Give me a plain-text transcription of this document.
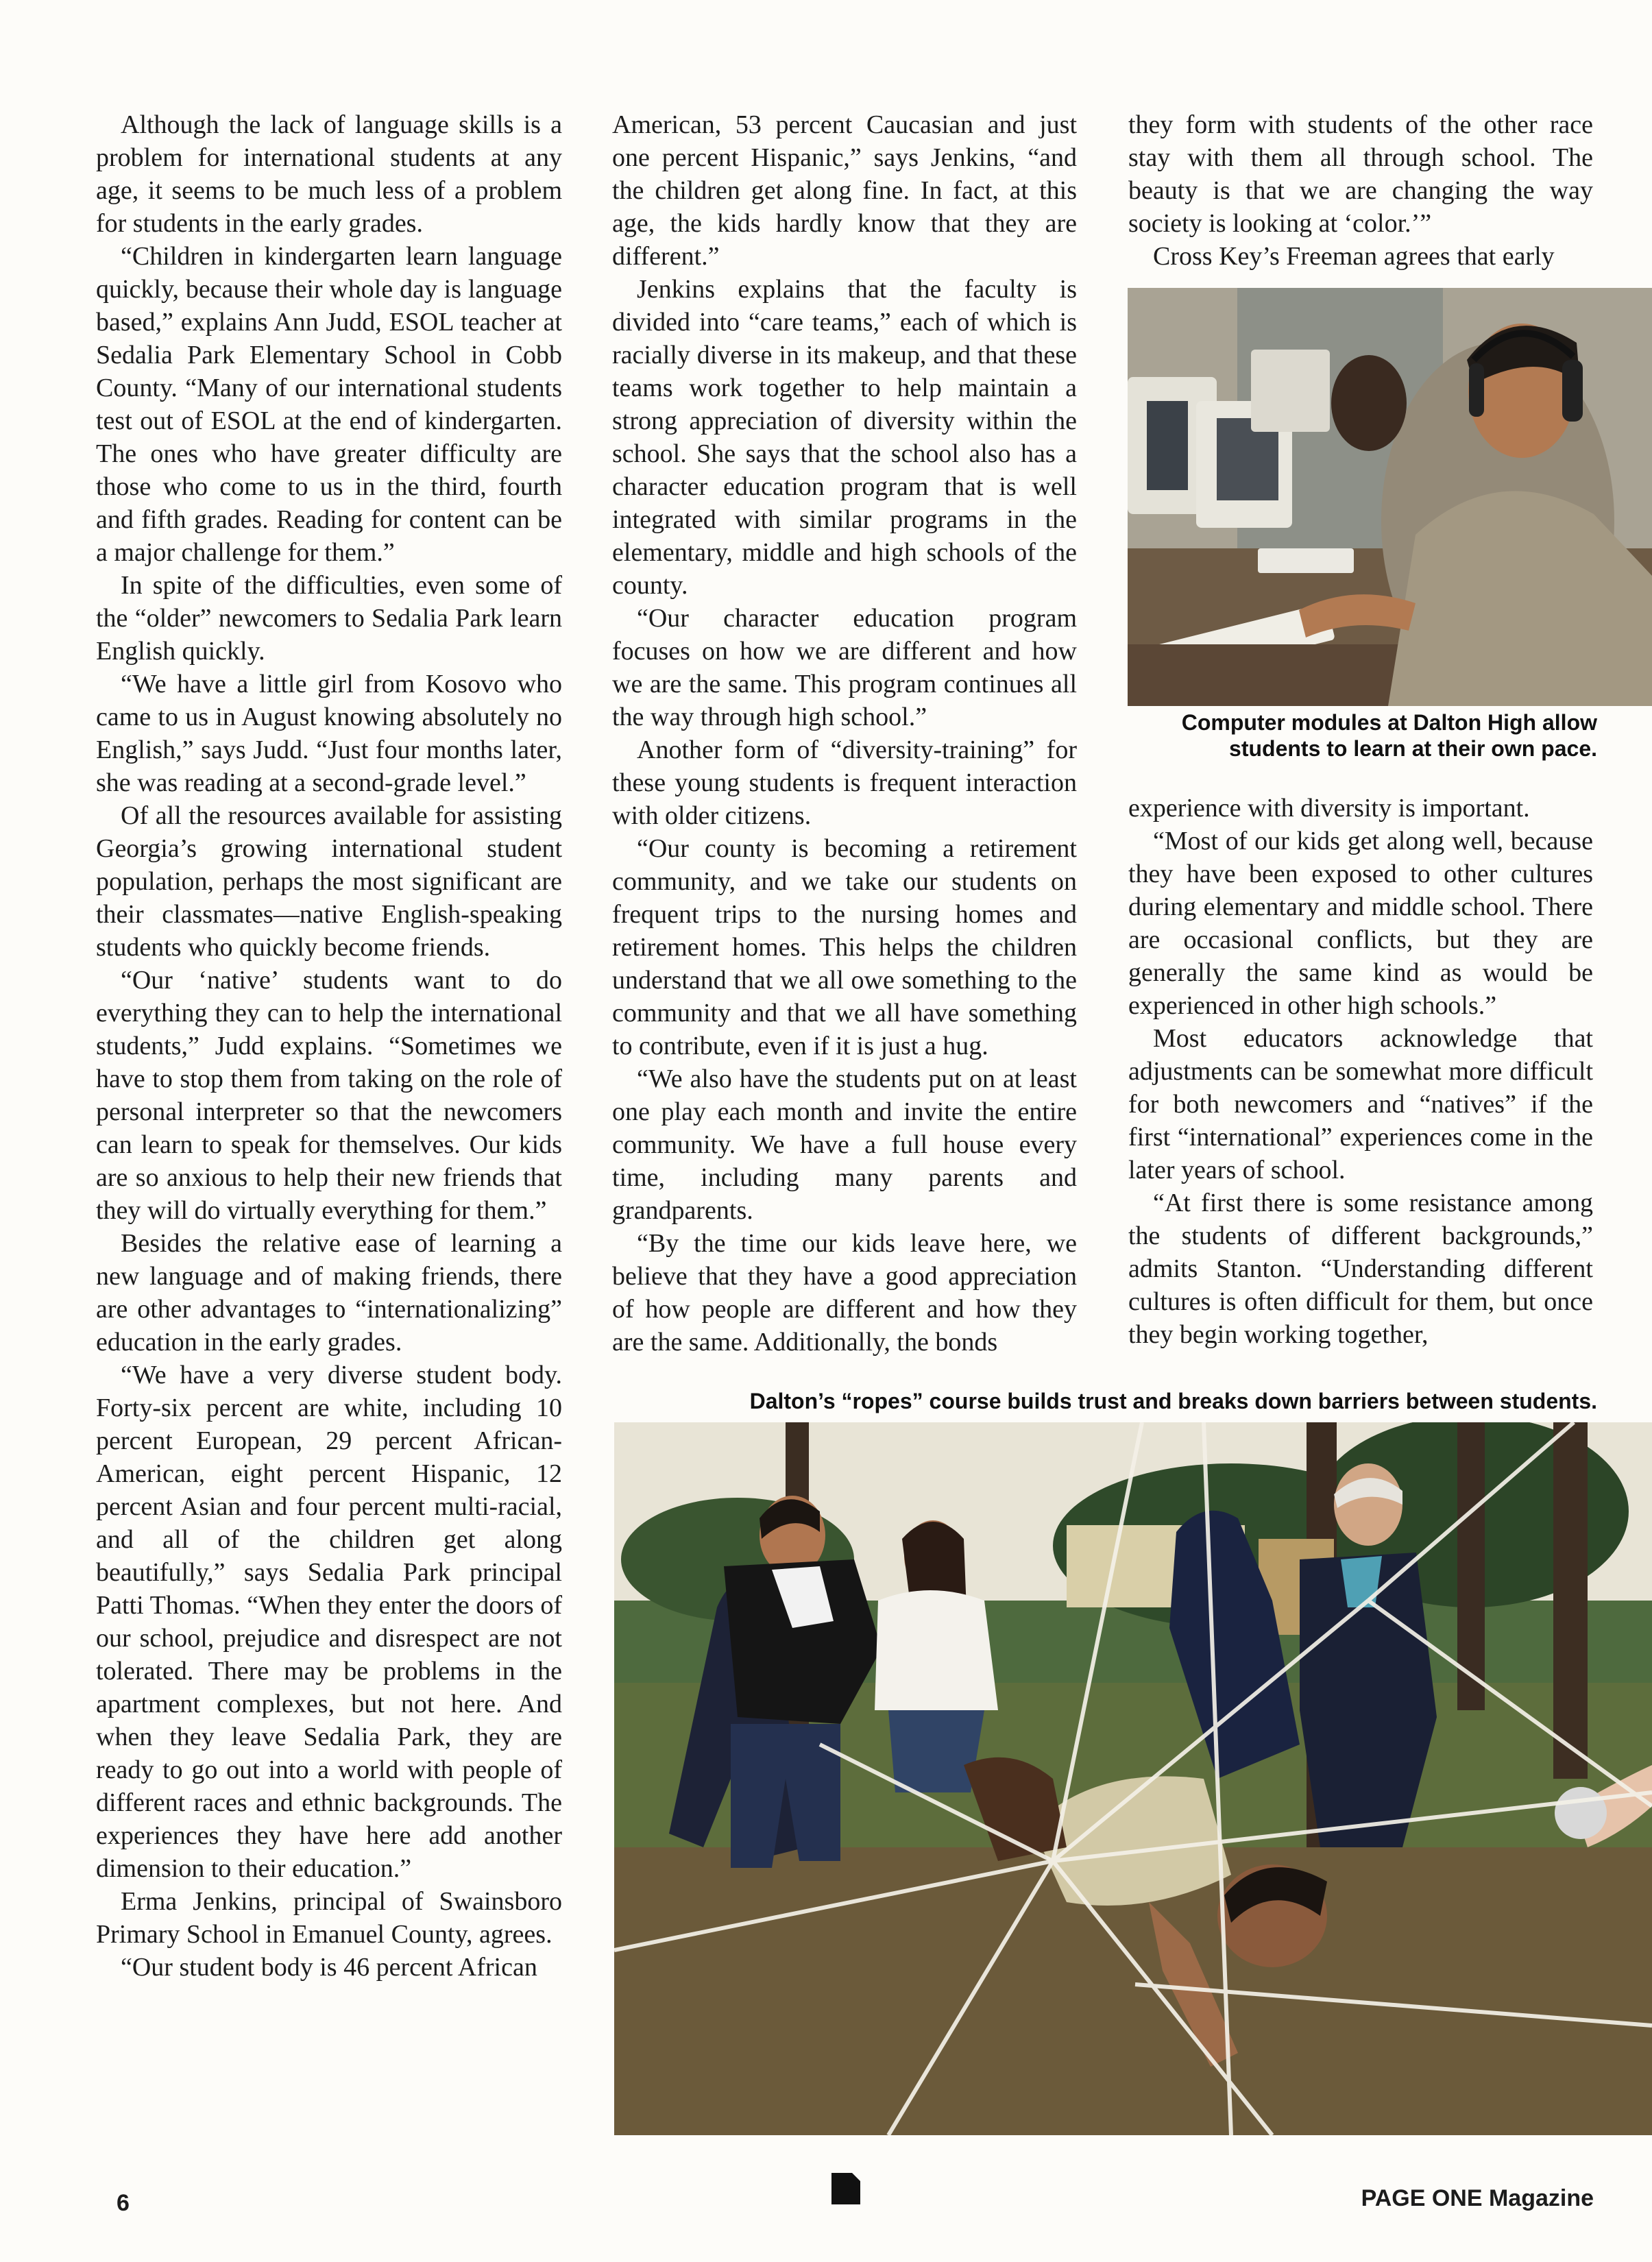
Although the lack of language skills is a problem for international students at any age, it seems to be much less of a problem for students in the early grades.

“Children in kindergarten learn language quickly, because their whole day is language based,” explains Ann Judd, ESOL teacher at Sedalia Park Elementary School in Cobb County. “Many of our international students test out of ESOL at the end of kindergarten. The ones who have greater difficulty are those who come to us in the third, fourth and fifth grades. Reading for content can be a major challenge for them.”

In spite of the difficulties, even some of the “older” newcomers to Sedalia Park learn English quickly.

“We have a little girl from Kosovo who came to us in August knowing absolutely no English,” says Judd. “Just four months later, she was reading at a second-grade level.”

Of all the resources available for assisting Georgia’s growing international student population, perhaps the most significant are their classmates—native English-speaking students who quickly become friends.

“Our ‘native’ students want to do everything they can to help the international students,” Judd explains. “Sometimes we have to stop them from taking on the role of personal interpreter so that the newcomers can learn to speak for themselves. Our kids are so anxious to help their new friends that they will do virtually everything for them.”

Besides the relative ease of learning a new language and of making friends, there are other advantages to “internationalizing” education in the early grades.

“We have a very diverse student body. Forty-six percent are white, including 10 percent European, 29 percent African-American, eight percent Hispanic, 12 percent Asian and four percent multi-racial, and all of the children get along beautifully,” says Sedalia Park principal Patti Thomas. “When they enter the doors of our school, prejudice and disrespect are not tolerated. There may be problems in the apartment complexes, but not here. And when they leave Sedalia Park, they are ready to go out into a world with people of different races and ethnic backgrounds. The experiences they have here add another dimension to their education.”

Erma Jenkins, principal of Swainsboro Primary School in Emanuel County, agrees.

“Our student body is 46 percent African

American, 53 percent Caucasian and just one percent Hispanic,” says Jenkins, “and the children get along fine. In fact, at this age, the kids hardly know that they are different.”

Jenkins explains that the faculty is divided into “care teams,” each of which is racially diverse in its makeup, and that these teams work together to help maintain a strong appreciation of diversity within the school. She says that the school also has a character education program that is well integrated with similar programs in the elementary, middle and high schools of the county.

“Our character education program focuses on how we are different and how we are the same. This program continues all the way through high school.”

Another form of “diversity-training” for these young students is frequent interaction with older citizens.

“Our county is becoming a retirement community, and we take our students on frequent trips to the nursing homes and retirement homes. This helps the children understand that we all owe something to the community and that we all have something to contribute, even if it is just a hug.

“We also have the students put on at least one play each month and invite the entire community. We have a full house every time, including many parents and grandparents.

“By the time our kids leave here, we believe that they have a good appreciation of how people are different and how they are the same. Additionally, the bonds

they form with students of the other race stay with them all through school. The beauty is that we are changing the way society is looking at ‘color.’”

Cross Key’s Freeman agrees that early

Computer modules at Dalton High allow students to learn at their own pace.

experience with diversity is important.

“Most of our kids get along well, because they have been exposed to other cultures during elementary and middle school. There are occasional conflicts, but they are generally the same kind as would be experienced in other high schools.”

Most educators acknowledge that adjustments can be somewhat more difficult for both newcomers and “natives” if the first “international” experiences come in the later years of school.

“At first there is some resistance among the students of different backgrounds,” admits Stanton. “Understanding different cultures is often difficult for them, but once they begin working together,

Dalton’s “ropes” course builds trust and breaks down barriers between students.
6	PAGE ONE Magazine
